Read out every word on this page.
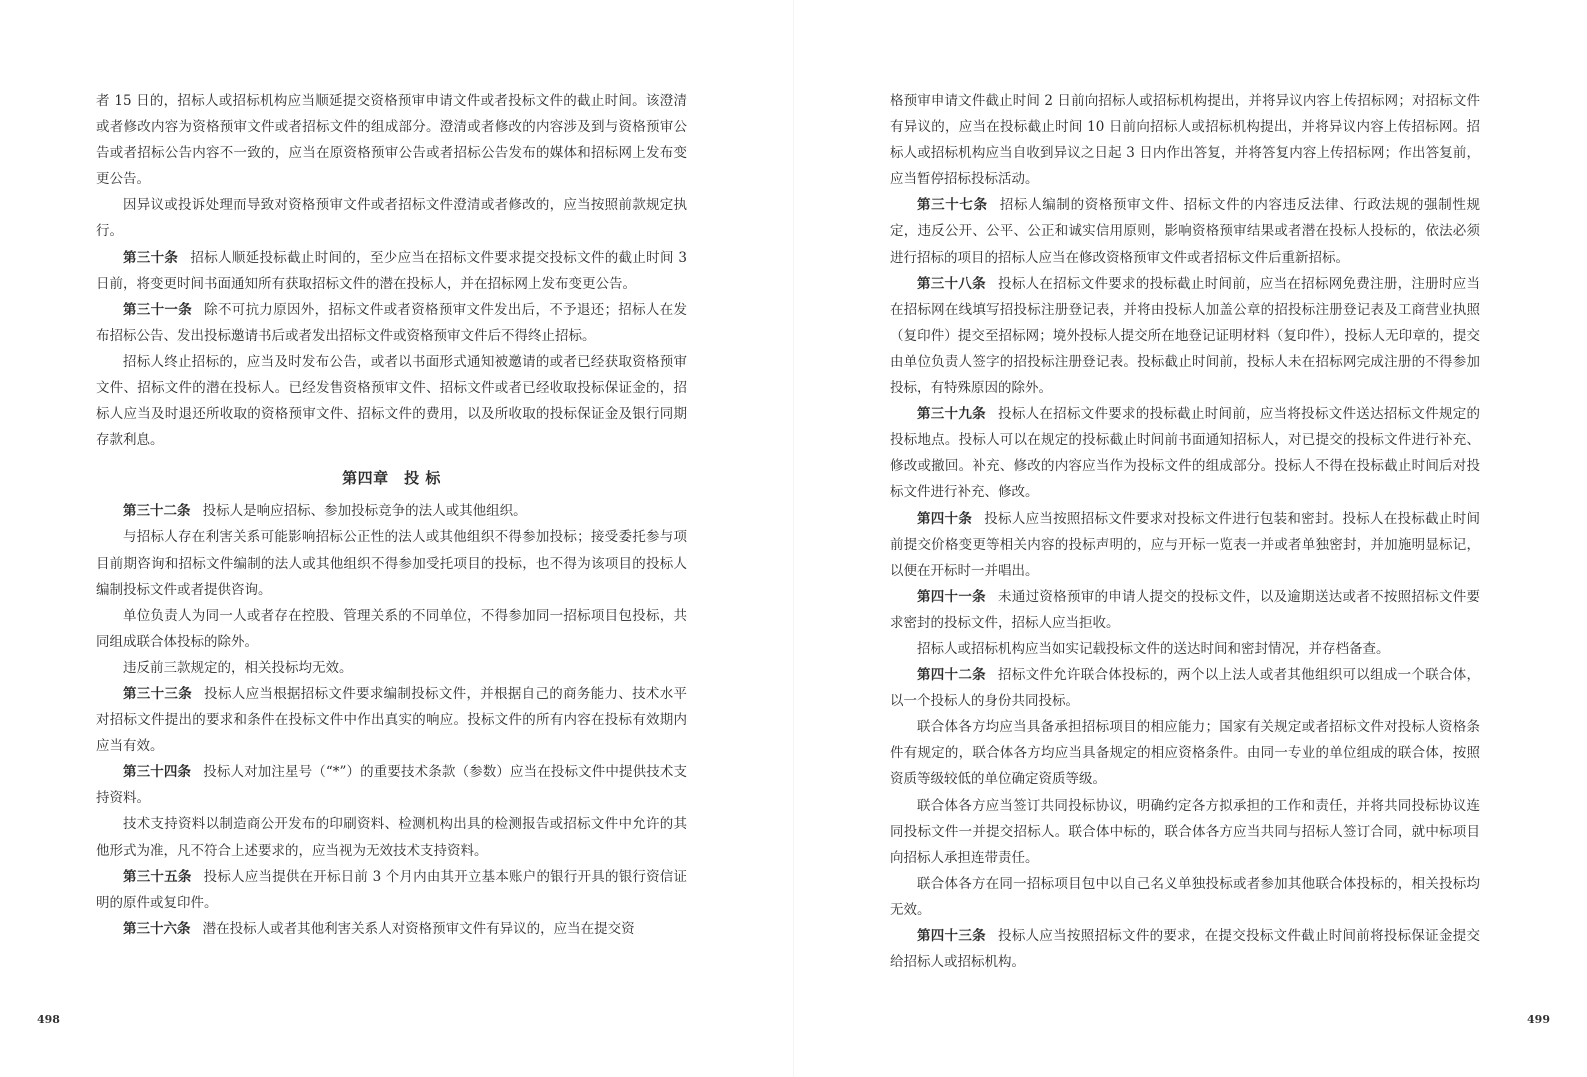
者 15 日的，招标人或招标机构应当顺延提交资格预审申请文件或者投标文件的截止时间。该澄清或者修改内容为资格预审文件或者招标文件的组成部分。澄清或者修改的内容涉及到与资格预审公告或者招标公告内容不一致的，应当在原资格预审公告或者招标公告发布的媒体和招标网上发布变更公告。

因异议或投诉处理而导致对资格预审文件或者招标文件澄清或者修改的，应当按照前款规定执行。

第三十条 招标人顺延投标截止时间的，至少应当在招标文件要求提交投标文件的截止时间 3 日前，将变更时间书面通知所有获取招标文件的潜在投标人，并在招标网上发布变更公告。

第三十一条 除不可抗力原因外，招标文件或者资格预审文件发出后，不予退还；招标人在发布招标公告、发出投标邀请书后或者发出招标文件或资格预审文件后不得终止招标。

招标人终止招标的，应当及时发布公告，或者以书面形式通知被邀请的或者已经获取资格预审文件、招标文件的潜在投标人。已经发售资格预审文件、招标文件或者已经收取投标保证金的，招标人应当及时退还所收取的资格预审文件、招标文件的费用，以及所收取的投标保证金及银行同期存款利息。

第四章　投 标

第三十二条 投标人是响应招标、参加投标竞争的法人或其他组织。

与招标人存在利害关系可能影响招标公正性的法人或其他组织不得参加投标；接受委托参与项目前期咨询和招标文件编制的法人或其他组织不得参加受托项目的投标，也不得为该项目的投标人编制投标文件或者提供咨询。

单位负责人为同一人或者存在控股、管理关系的不同单位，不得参加同一招标项目包投标，共同组成联合体投标的除外。

违反前三款规定的，相关投标均无效。

第三十三条 投标人应当根据招标文件要求编制投标文件，并根据自己的商务能力、技术水平对招标文件提出的要求和条件在投标文件中作出真实的响应。投标文件的所有内容在投标有效期内应当有效。

第三十四条 投标人对加注星号（“*”）的重要技术条款（参数）应当在投标文件中提供技术支持资料。

技术支持资料以制造商公开发布的印刷资料、检测机构出具的检测报告或招标文件中允许的其他形式为准，凡不符合上述要求的，应当视为无效技术支持资料。

第三十五条 投标人应当提供在开标日前 3 个月内由其开立基本账户的银行开具的银行资信证明的原件或复印件。

第三十六条 潜在投标人或者其他利害关系人对资格预审文件有异议的，应当在提交资

498

格预审申请文件截止时间 2 日前向招标人或招标机构提出，并将异议内容上传招标网；对招标文件有异议的，应当在投标截止时间 10 日前向招标人或招标机构提出，并将异议内容上传招标网。招标人或招标机构应当自收到异议之日起 3 日内作出答复，并将答复内容上传招标网；作出答复前，应当暂停招标投标活动。

第三十七条 招标人编制的资格预审文件、招标文件的内容违反法律、行政法规的强制性规定，违反公开、公平、公正和诚实信用原则，影响资格预审结果或者潜在投标人投标的，依法必须进行招标的项目的招标人应当在修改资格预审文件或者招标文件后重新招标。

第三十八条 投标人在招标文件要求的投标截止时间前，应当在招标网免费注册，注册时应当在招标网在线填写招投标注册登记表，并将由投标人加盖公章的招投标注册登记表及工商营业执照（复印件）提交至招标网；境外投标人提交所在地登记证明材料（复印件），投标人无印章的，提交由单位负责人签字的招投标注册登记表。投标截止时间前，投标人未在招标网完成注册的不得参加投标，有特殊原因的除外。

第三十九条 投标人在招标文件要求的投标截止时间前，应当将投标文件送达招标文件规定的投标地点。投标人可以在规定的投标截止时间前书面通知招标人，对已提交的投标文件进行补充、修改或撤回。补充、修改的内容应当作为投标文件的组成部分。投标人不得在投标截止时间后对投标文件进行补充、修改。

第四十条 投标人应当按照招标文件要求对投标文件进行包装和密封。投标人在投标截止时间前提交价格变更等相关内容的投标声明的，应与开标一览表一并或者单独密封，并加施明显标记，以便在开标时一并唱出。

第四十一条 未通过资格预审的申请人提交的投标文件，以及逾期送达或者不按照招标文件要求密封的投标文件，招标人应当拒收。

招标人或招标机构应当如实记载投标文件的送达时间和密封情况，并存档备查。

第四十二条 招标文件允许联合体投标的，两个以上法人或者其他组织可以组成一个联合体，以一个投标人的身份共同投标。

联合体各方均应当具备承担招标项目的相应能力；国家有关规定或者招标文件对投标人资格条件有规定的，联合体各方均应当具备规定的相应资格条件。由同一专业的单位组成的联合体，按照资质等级较低的单位确定资质等级。

联合体各方应当签订共同投标协议，明确约定各方拟承担的工作和责任，并将共同投标协议连同投标文件一并提交招标人。联合体中标的，联合体各方应当共同与招标人签订合同，就中标项目向招标人承担连带责任。

联合体各方在同一招标项目包中以自己名义单独投标或者参加其他联合体投标的，相关投标均无效。

第四十三条 投标人应当按照招标文件的要求，在提交投标文件截止时间前将投标保证金提交给招标人或招标机构。

499
